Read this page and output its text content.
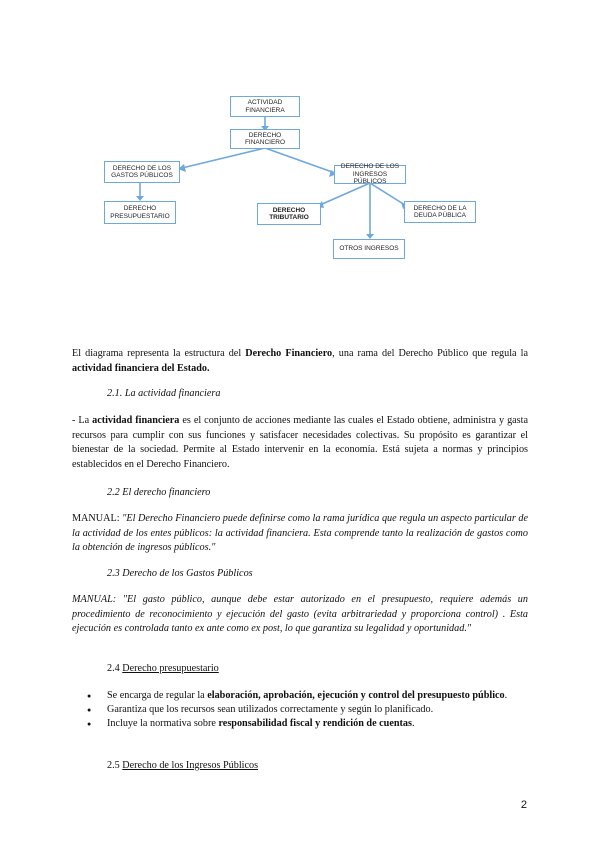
ACTIVIDAD FINANCIERA
DERECHO FINANCIERO
DERECHO DE LOS GASTOS PÚBLICOS
DERECHO DE LOS INGRESOS PÚBLICOS
DERECHO PRESUPUESTARIO
DERECHO TRIBUTARIO
DERECHO DE LA DEUDA PÚBLICA
OTROS INGRESOS
El diagrama representa la estructura del Derecho Financiero, una rama del Derecho Público que regula la actividad financiera del Estado.
2.1. La actividad financiera
- La actividad financiera es el conjunto de acciones mediante las cuales el Estado obtiene, administra y gasta recursos para cumplir con sus funciones y satisfacer necesidades colectivas. Su propósito es garantizar el bienestar de la sociedad. Permite al Estado intervenir en la economía. Está sujeta a normas y principios establecidos en el Derecho Financiero.
2.2 El derecho financiero
MANUAL: "El Derecho Financiero puede definirse como la rama jurídica que regula un aspecto particular de la actividad de los entes públicos: la actividad financiera. Esta comprende tanto la realización de gastos como la obtención de ingresos públicos."
2.3 Derecho de los Gastos Públicos
MANUAL: "El gasto público, aunque debe estar autorizado en el presupuesto, requiere además un procedimiento de reconocimiento y ejecución del gasto (evita arbitrariedad y proporciona control) . Esta ejecución es controlada tanto ex ante como ex post, lo que garantiza su legalidad y oportunidad."
2.4 Derecho presupuestario
● Se encarga de regular la elaboración, aprobación, ejecución y control del presupuesto público.
● Garantiza que los recursos sean utilizados correctamente y según lo planificado.
● Incluye la normativa sobre responsabilidad fiscal y rendición de cuentas.
2.5 Derecho de los Ingresos Públicos
2
